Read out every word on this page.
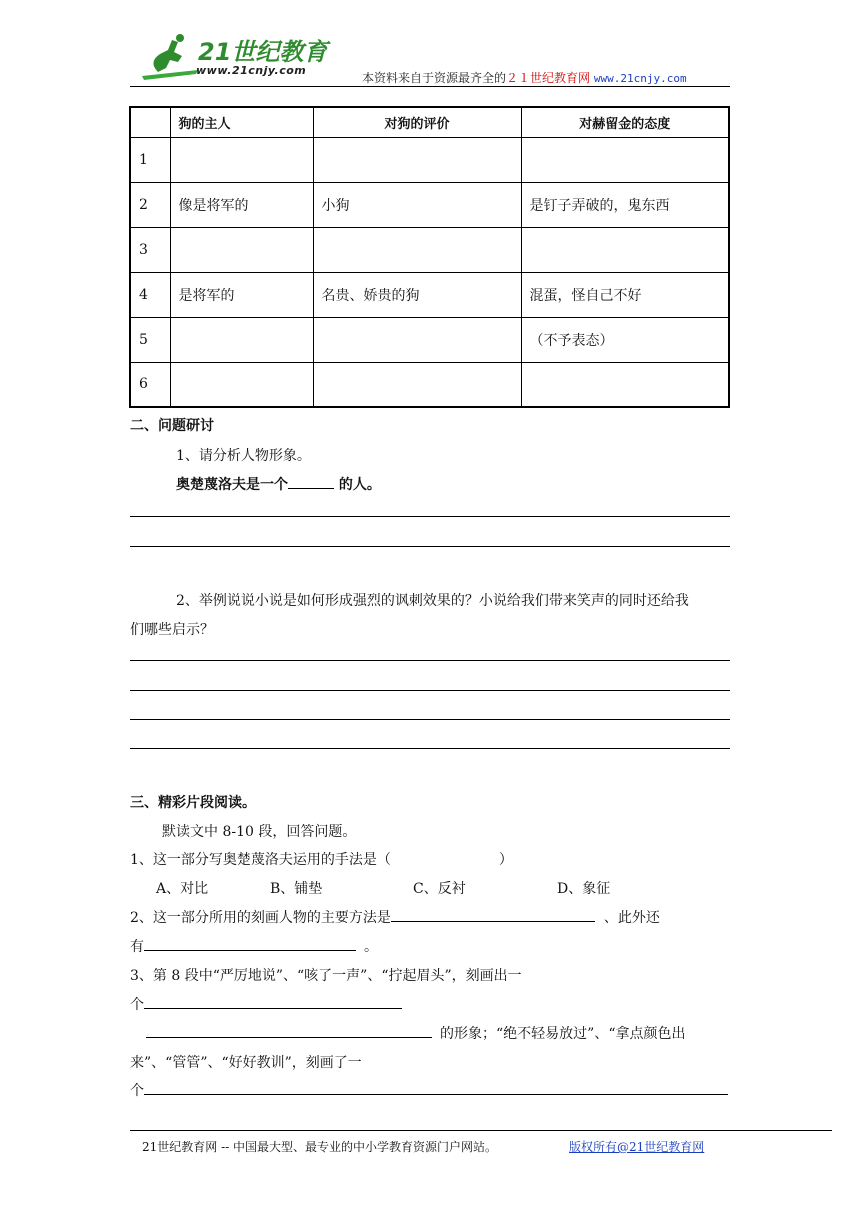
21世纪教育
www.21cnjy.com
本资料来自于资源最齐全的２１世纪教育网 www.21cnjy.com
	狗的主人	对狗的评价	对赫留金的态度
1			
2	像是将军的	小狗	是钉子弄破的，鬼东西
3			
4	是将军的	名贵、娇贵的狗	混蛋，怪自己不好
5			（不予表态）
6			
二、问题研讨
1、请分析人物形象。
奥楚蔑洛夫是一个	的人。
2、举例说说小说是如何形成强烈的讽刺效果的？小说给我们带来笑声的同时还给我
们哪些启示？
三、精彩片段阅读。
默读文中 8-10 段，回答问题。
1、这一部分写奥楚蔑洛夫运用的手法是（	）
A、对比	B、铺垫	C、反衬	D、象征
2、这一部分所用的刻画人物的主要方法是	、此外还
有	。
3、第 8 段中“严厉地说”、“咳了一声”、“拧起眉头”，刻画出一
个
的形象；“绝不轻易放过”、“拿点颜色出
来”、“管管”、“好好教训”，刻画了一
个
21世纪教育网 -- 中国最大型、最专业的中小学教育资源门户网站。	版权所有@21世纪教育网
